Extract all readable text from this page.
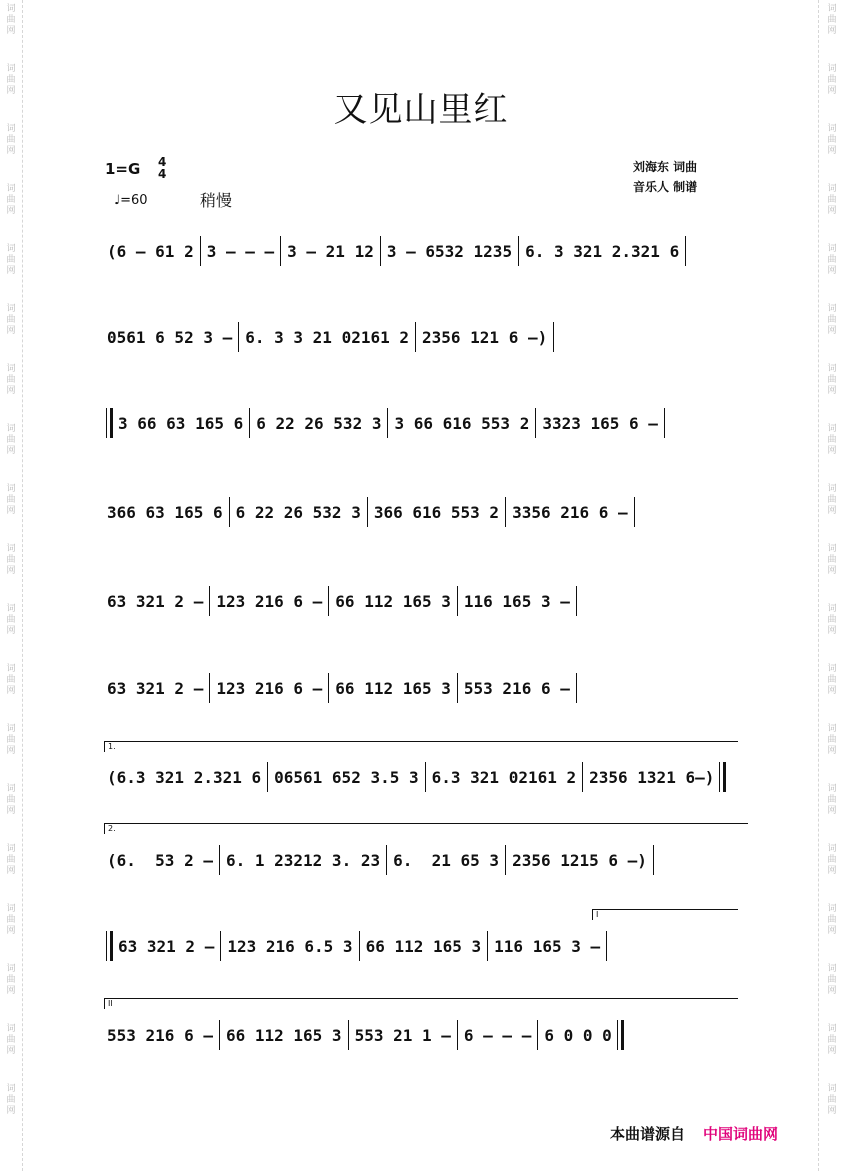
词
曲
网
词
曲
网
词
曲
网
词
曲
网
词
曲
网
词
曲
网
词
曲
网
词
曲
网
词
曲
网
词
曲
网
词
曲
网
词
曲
网
词
曲
网
词
曲
网
词
曲
网
词
曲
网
词
曲
网
词
曲
网
词
曲
网
词
曲
网
词
曲
网
词
曲
网
词
曲
网
词
曲
网
词
曲
网
词
曲
网
词
曲
网
词
曲
网
词
曲
网
词
曲
网
词
曲
网
词
曲
网
词
曲
网
词
曲
网
词
曲
网
词
曲
网
词
曲
网
词
曲
网
又见山里红
1=G 4
4
♩=60	稍慢
刘海东 词曲
音乐人 制谱
1.
2.
I
II
(6 – 61 2 3 – – – 3 – 21 12 3 – 6532 1235 6. 3 321 2.321 6
0561 6 52 3 – 6. 3 3 21 02161 2 2356 121 6 –)
3 66 63 165 6 6 22 26 532 3 3 66 616 553 2 3323 165 6 –
366 63 165 6 6 22 26 532 3 366 616 553 2 3356 216 6 –
63 321 2 – 123 216 6 – 66 112 165 3 116 165 3 –
63 321 2 – 123 216 6 – 66 112 165 3 553 216 6 –
(6.3 321 2.321 6 06561 652 3.5 3 6.3 321 02161 2 2356 1321 6–)
(6.  53 2 – 6. 1 23212 3. 23 6.  21 65 3 2356 1215 6 –)
63 321 2 – 123 216 6.5 3 66 112 165 3 116 165 3 –
553 216 6 – 66 112 165 3 553 21 1 – 6 – – – 6 0 0 0
本曲谱源自 中国词曲网
